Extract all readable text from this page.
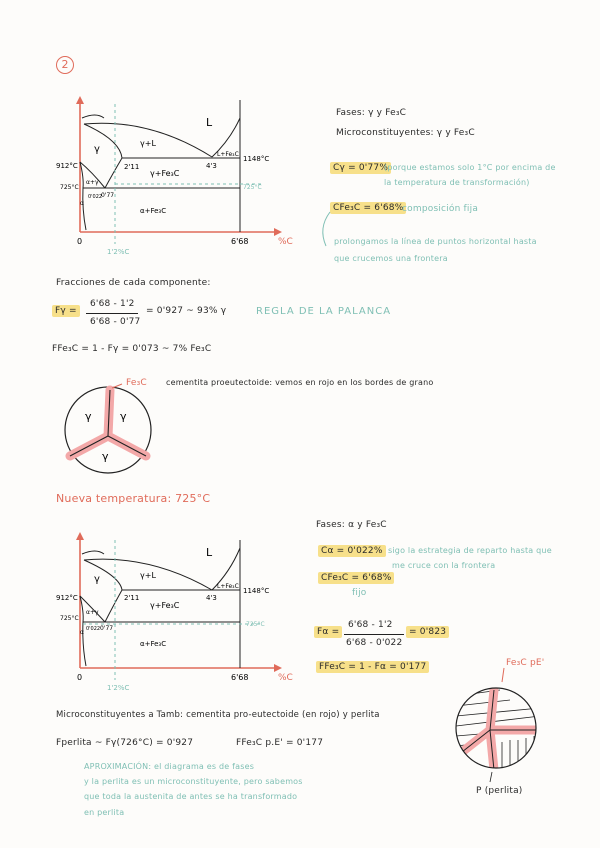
2
L
γ
γ+L
γ+Fe₃C
L+Fe₃C
α+Fe₃C
α+γ
α
1148°C
912°C
725°C	725°C
2'11	4'3
0'77
0'022
0	6'68
1'2%C
%C
Fases: γ y Fe₃C
Microconstituyentes: γ y Fe₃C
Cγ = 0'77%
(porque estamos solo 1°C por encima de
la temperatura de transformación)
CFe₃C = 6'68%
composición fija
prolongamos la línea de puntos horizontal hasta
que crucemos una frontera
Fracciones de cada componente:
Fγ =
6'68 - 1'2
6'68 - 0'77
= 0'927 ~ 93% γ	REGLA DE LA PALANCA
FFe₃C = 1 - Fγ = 0'073 ~ 7% Fe₃C
γ	γ
γ
Fe₃C cementita proeutectoide: vemos en rojo en los bordes de grano
Nueva temperatura: 725°C
L
γ	γ+L
γ+Fe₃C
L+Fe₃C
α+Fe₃C
α+γ
α
1148°C
912°C
725°C
725°C
2'11	4'3
0'77
0'022
0	6'68
1'2%C
%C
Fases: α y Fe₃C
Cα = 0'022% sigo la estrategia de reparto hasta que
me cruce con la frontera
CFe₃C = 6'68%
fijo
Fα =
6'68 - 1'2
6'68 - 0'022
= 0'823
FFe₃C = 1 - Fα = 0'177	Fe₃C pE'
P (perlita)
Microconstituyentes a Tamb: cementita pro-eutectoide (en rojo) y perlita
Fperlita ~ Fγ(726°C) = 0'927	FFe₃C p.E' = 0'177
APROXIMACIÓN: el diagrama es de fases
y la perlita es un microconstituyente, pero sabemos
que toda la austenita de antes se ha transformado
en perlita
